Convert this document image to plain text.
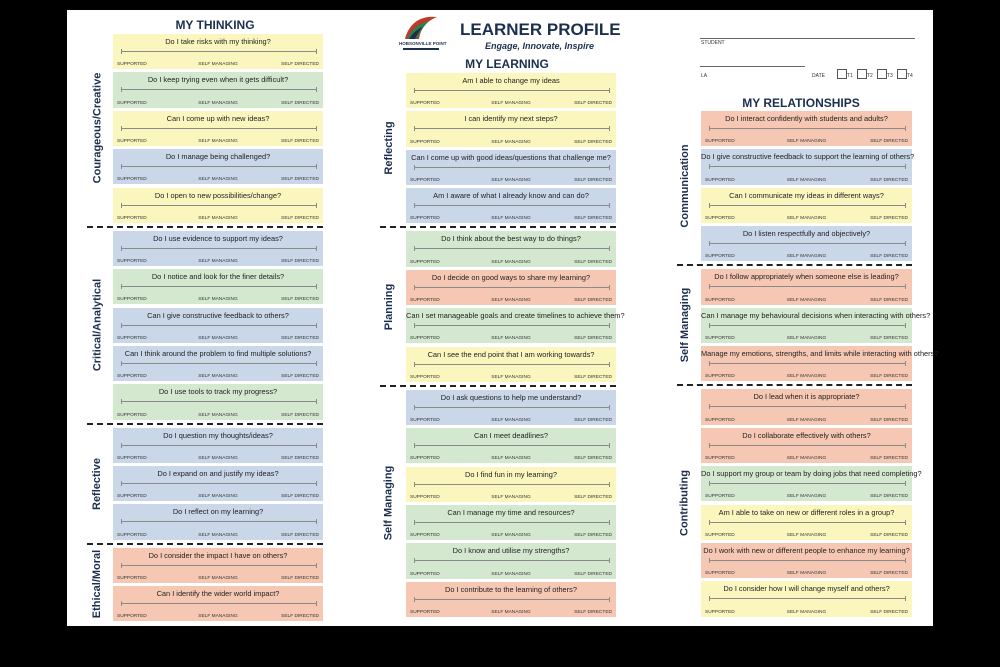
MY THINKING
MY LEARNING
MY RELATIONSHIPS
HOBSONVILLE POINT
LEARNER PROFILE
Engage, Innovate, Inspire	STUDENT
LA	DATE	T1	T2	T3	T4
Do I take risks with my thinking?
SUPPORTED	SELF MANAGING	SELF DIRECTED
Do I keep trying even when it gets difficult?
SUPPORTED	SELF MANAGING	SELF DIRECTED
Can I come up with new ideas?
SUPPORTED	SELF MANAGING	SELF DIRECTED
Do I manage being challenged?
SUPPORTED	SELF MANAGING	SELF DIRECTED
Do I open to new possibilities/change?
SUPPORTED	SELF MANAGING	SELF DIRECTED
Courageous/Creative
Do I use evidence to support my ideas?
SUPPORTED	SELF MANAGING	SELF DIRECTED
Do I notice and look for the finer details?
SUPPORTED	SELF MANAGING	SELF DIRECTED
Can I give constructive feedback to others?
SUPPORTED	SELF MANAGING	SELF DIRECTED
Can I think around the problem to find multiple solutions?
SUPPORTED	SELF MANAGING	SELF DIRECTED
Do I use tools to track my progress?
SUPPORTED	SELF MANAGING	SELF DIRECTED
Critical/Analytical
Do I question my thoughts/ideas?
SUPPORTED	SELF MANAGING	SELF DIRECTED
Do I expand on and justify my ideas?
SUPPORTED	SELF MANAGING	SELF DIRECTED
Do I reflect on my learning?
SUPPORTED	SELF MANAGING	SELF DIRECTED
Reflective
Do I consider the impact I have on others?
SUPPORTED	SELF MANAGING	SELF DIRECTED
Can I identify the wider world impact?
SUPPORTED	SELF MANAGING	SELF DIRECTED
Ethical/Moral
Am I able to change my ideas
SUPPORTED	SELF MANAGING	SELF DIRECTED
I can identify my next steps?
SUPPORTED	SELF MANAGING	SELF DIRECTED
Can I come up with good ideas/questions that challenge me?
SUPPORTED	SELF MANAGING	SELF DIRECTED
Am I aware of what I already know and can do?
SUPPORTED	SELF MANAGING	SELF DIRECTED
Reflecting
Do I think about the best way to do things?
SUPPORTED	SELF MANAGING	SELF DIRECTED
Do I decide on good ways to share my learning?
SUPPORTED	SELF MANAGING	SELF DIRECTED
Can I set manageable goals and create timelines to achieve them?
SUPPORTED	SELF MANAGING	SELF DIRECTED
Can I see the end point that I am working towards?
SUPPORTED	SELF MANAGING	SELF DIRECTED
Planning
Do I ask questions to help me understand?
SUPPORTED	SELF MANAGING	SELF DIRECTED
Can I meet deadlines?
SUPPORTED	SELF MANAGING	SELF DIRECTED
Do I find fun in my learning?
SUPPORTED	SELF MANAGING	SELF DIRECTED
Can I manage my time and resources?
SUPPORTED	SELF MANAGING	SELF DIRECTED
Do I know and utilise my strengths?
SUPPORTED	SELF MANAGING	SELF DIRECTED
Do I contribute to the learning of others?
SUPPORTED	SELF MANAGING	SELF DIRECTED
Self Managing
Do I interact confidently with students and adults?
SUPPORTED	SELF MANAGING	SELF DIRECTED
Do I give constructive feedback to support the learning of others?
SUPPORTED	SELF MANAGING	SELF DIRECTED
Can I communicate my ideas in different ways?
SUPPORTED	SELF MANAGING	SELF DIRECTED
Do I listen respectfully and objectively?
SUPPORTED	SELF MANAGING	SELF DIRECTED
Communication
Do I follow appropriately when someone else is leading?
SUPPORTED	SELF MANAGING	SELF DIRECTED
Can I manage my behavioural decisions when interacting with others?
SUPPORTED	SELF MANAGING	SELF DIRECTED
Manage my emotions, strengths, and limits while interacting with others?
SUPPORTED	SELF MANAGING	SELF DIRECTED
Self Managing
Do I lead when it is appropriate?
SUPPORTED	SELF MANAGING	SELF DIRECTED
Do I collaborate effectively with others?
SUPPORTED	SELF MANAGING	SELF DIRECTED
Do I support my group or team by doing jobs that need completing?
SUPPORTED	SELF MANAGING	SELF DIRECTED
Am I able to take on new or different roles in a group?
SUPPORTED	SELF MANAGING	SELF DIRECTED
Do I work with new or different people to enhance my learning?
SUPPORTED	SELF MANAGING	SELF DIRECTED
Do I consider how I will change myself and others?
SUPPORTED	SELF MANAGING	SELF DIRECTED
Contributing
